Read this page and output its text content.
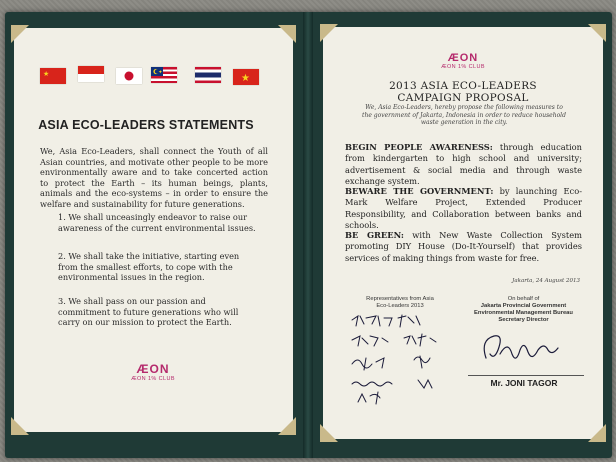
★	✦
★
ASIA ECO-LEADERS STATEMENTS
We, Asia Eco-Leaders, shall connect the Youth of all Asian countries, and motivate other people to be more environmentally aware and to take concerted action to protect the Earth – its human beings, plants, animals and the eco-systems – in order to ensure the welfare and sustainability for future generations.
1. We shall unceasingly endeavor to raise our awareness of the current environmental issues.
2. We shall take the initiative, starting even from the smallest efforts, to cope with the environmental issues in the region.
3. We shall pass on our passion and commitment to future generations who will carry on our mission to protect the Earth.
ÆON
ÆON 1% CLUB
ÆON
ÆON 1% CLUB
2013 ASIA ECO-LEADERS
CAMPAIGN PROPOSAL
We, Asia Eco-Leaders, hereby propose the following measures to the government of Jakarta, Indonesia in order to reduce household waste generation in the city.
BEGIN PEOPLE AWARENESS: through education from kindergarten to high school and university; advertisement & social media and through waste exchange system.
BEWARE THE GOVERNMENT: by launching Eco-Mark Welfare Project, Extended Producer Responsibility, and Collaboration between banks and schools.
BE GREEN: with New Waste Collection System promoting DIY House (Do-It-Yourself) that provides services of making things from waste for free.
Jakarta, 24 August 2013
Representatives from Asia
Eco-Leaders 2013
On behalf of
Jakarta Provincial Government
Environmental Management Bureau
Secretary Director
Mr. JONI TAGOR
